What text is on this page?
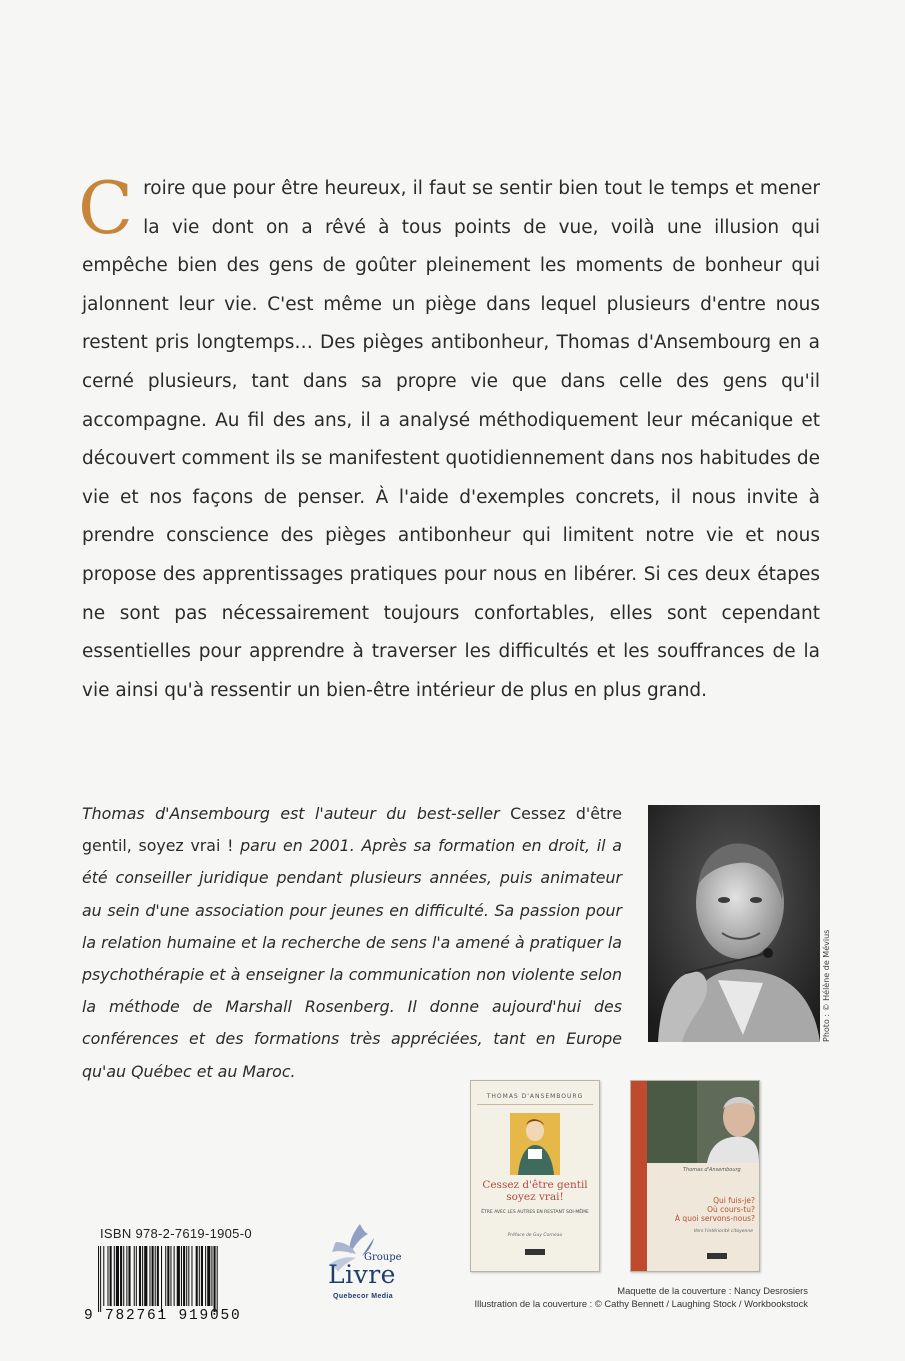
Croire que pour être heureux, il faut se sentir bien tout le temps et mener la vie dont on a rêvé à tous points de vue, voilà une illusion qui empêche bien des gens de goûter pleinement les moments de bonheur qui jalonnent leur vie. C'est même un piège dans lequel plusieurs d'entre nous restent pris longtemps… Des pièges antibonheur, Thomas d'Ansembourg en a cerné plusieurs, tant dans sa propre vie que dans celle des gens qu'il accompagne. Au fil des ans, il a analysé méthodiquement leur mécanique et découvert comment ils se manifestent quotidiennement dans nos habitudes de vie et nos façons de penser. À l'aide d'exemples concrets, il nous invite à prendre conscience des pièges antibonheur qui limitent notre vie et nous propose des apprentissages pratiques pour nous en libérer. Si ces deux étapes ne sont pas nécessairement toujours confortables, elles sont cependant essentielles pour apprendre à traverser les difficultés et les souffrances de la vie ainsi qu'à ressentir un bien-être intérieur de plus en plus grand.
Thomas d'Ansembourg est l'auteur du best-seller Cessez d'être gentil, soyez vrai ! paru en 2001. Après sa formation en droit, il a été conseiller juridique pendant plusieurs années, puis animateur au sein d'une association pour jeunes en difficulté. Sa passion pour la relation humaine et la recherche de sens l'a amené à pratiquer la psychothérapie et à enseigner la communication non violente selon la méthode de Marshall Rosenberg. Il donne aujourd'hui des conférences et des formations très appréciées, tant en Europe qu'au Québec et au Maroc.
Photo : © Hélène de Mévius
THOMAS D'ANSEMBOURG
Cessez d'être gentil
soyez vrai!
ÊTRE AVEC LES AUTRES EN RESTANT SOI-MÊME
Préface de Guy Corneau
Thomas d'Ansembourg
Qui fuis-je?
Où cours-tu?
À quoi servons-nous?
Vers l'intériorité citoyenne
ISBN 978-2-7619-1905-0
9 782761 919050
Groupe
Livre
Quebecor Media
Maquette de la couverture : Nancy Desrosiers
Illustration de la couverture : © Cathy Bennett / Laughing Stock / Workbookstock
